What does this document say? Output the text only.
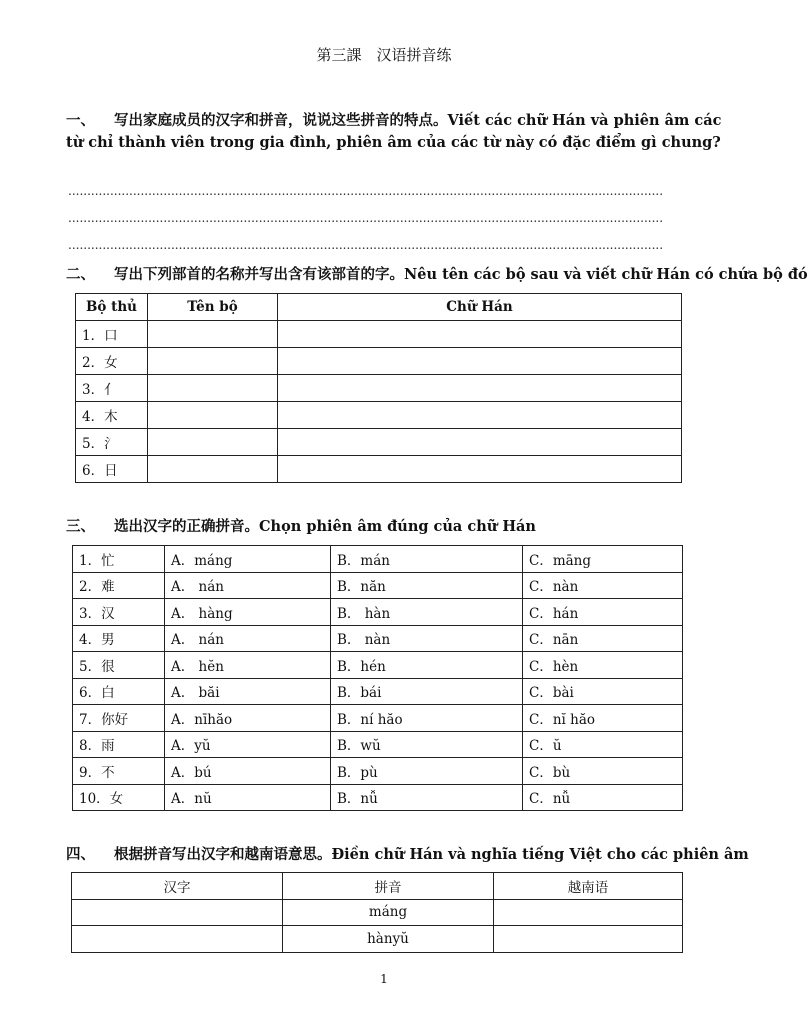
第三課　汉语拼音练
一、 写出家庭成员的汉字和拼音，说说这些拼音的特点。Viết các chữ Hán và phiên âm các từ chỉ thành viên trong gia đình, phiên âm của các từ này có đặc điểm gì chung?
............................................................................................................................................................
............................................................................................................................................................
............................................................................................................................................................
二、 写出下列部首的名称并写出含有该部首的字。Nêu tên các bộ sau và viết chữ Hán có chứa bộ đó
Bộ thủ	Tên bộ	Chữ Hán
1．口		
2．女		
3．亻		
4．木		
5．氵		
6．日		
三、 选出汉字的正确拼音。Chọn phiên âm đúng của chữ Hán
1．忙	A．máng	B．mán	C．māng
2．难	A.　nán	B．năn	C．nàn
3．汉	A.　hàng	B.　hàn	C．hán
4．男	A.　nán	B.　nàn	C．nān
5．很	A.　hĕn	B．hén	C．hèn
6．白	A.　băi	B．bái	C．bài
7．你好	A．nīhăo	B．ní hăo	C．nĭ hăo
8．雨	A．yŭ	B．wŭ	C．ŭ
9．不	A．bú	B．pù	C．bù
10．女	A．nŭ	B．nǚ	C．nǚ
四、 根据拼音写出汉字和越南语意思。Điền chữ Hán và nghĩa tiếng Việt cho các phiên âm
汉字	拼音	越南语
	máng	
	hànyŭ	
1
